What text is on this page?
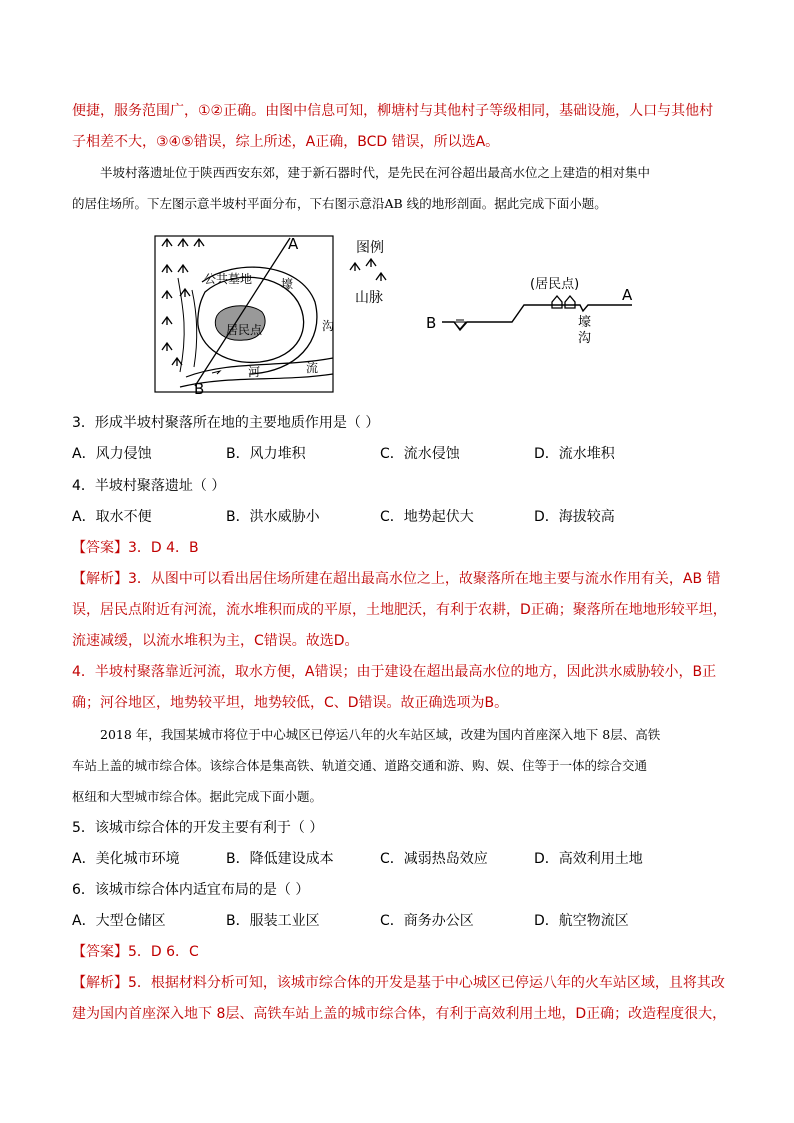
便捷，服务范围广，①②正确。由图中信息可知，柳塘村与其他村子等级相同，基础设施，人口与其他村
子相差不大，③④⑤错误，综上所述，A正确，BCD 错误，所以选A。
半坡村落遗址位于陕西西安东郊，建于新石器时代，是先民在河谷超出最高水位之上建造的相对集中
的居住场所。下左图示意半坡村平面分布，下右图示意沿AB 线的地形剖面。据此完成下面小题。
A
B
公共墓地
居民点
壕
沟
河	流
图例
山脉
(居民点)
A
B	壕
沟
3．形成半坡村聚落所在地的主要地质作用是（ ）
A．风力侵蚀	B．风力堆积	C．流水侵蚀	D．流水堆积
4．半坡村聚落遗址（ ）
A．取水不便	B．洪水威胁小	C．地势起伏大	D．海拔较高
【答案】3．D 4．B
【解析】3．从图中可以看出居住场所建在超出最高水位之上，故聚落所在地主要与流水作用有关，AB 错
误，居民点附近有河流，流水堆积而成的平原，土地肥沃，有利于农耕，D正确；聚落所在地地形较平坦，
流速减缓，以流水堆积为主，C错误。故选D。
4．半坡村聚落靠近河流，取水方便，A错误；由于建设在超出最高水位的地方，因此洪水威胁较小，B正
确；河谷地区，地势较平坦，地势较低，C、D错误。故正确选项为B。
2018 年，我国某城市将位于中心城区已停运八年的火车站区域，改建为国内首座深入地下 8层、高铁
车站上盖的城市综合体。该综合体是集高铁、轨道交通、道路交通和游、购、娱、住等于一体的综合交通
枢纽和大型城市综合体。据此完成下面小题。
5．该城市综合体的开发主要有利于（ ）
A．美化城市环境	B．降低建设成本	C．减弱热岛效应	D．高效利用土地
6．该城市综合体内适宜布局的是（ ）
A．大型仓储区	B．服装工业区	C．商务办公区	D．航空物流区
【答案】5．D 6．C
【解析】5．根据材料分析可知，该城市综合体的开发是基于中心城区已停运八年的火车站区域，且将其改
建为国内首座深入地下 8层、高铁车站上盖的城市综合体，有利于高效利用土地，D正确；改造程度很大，
